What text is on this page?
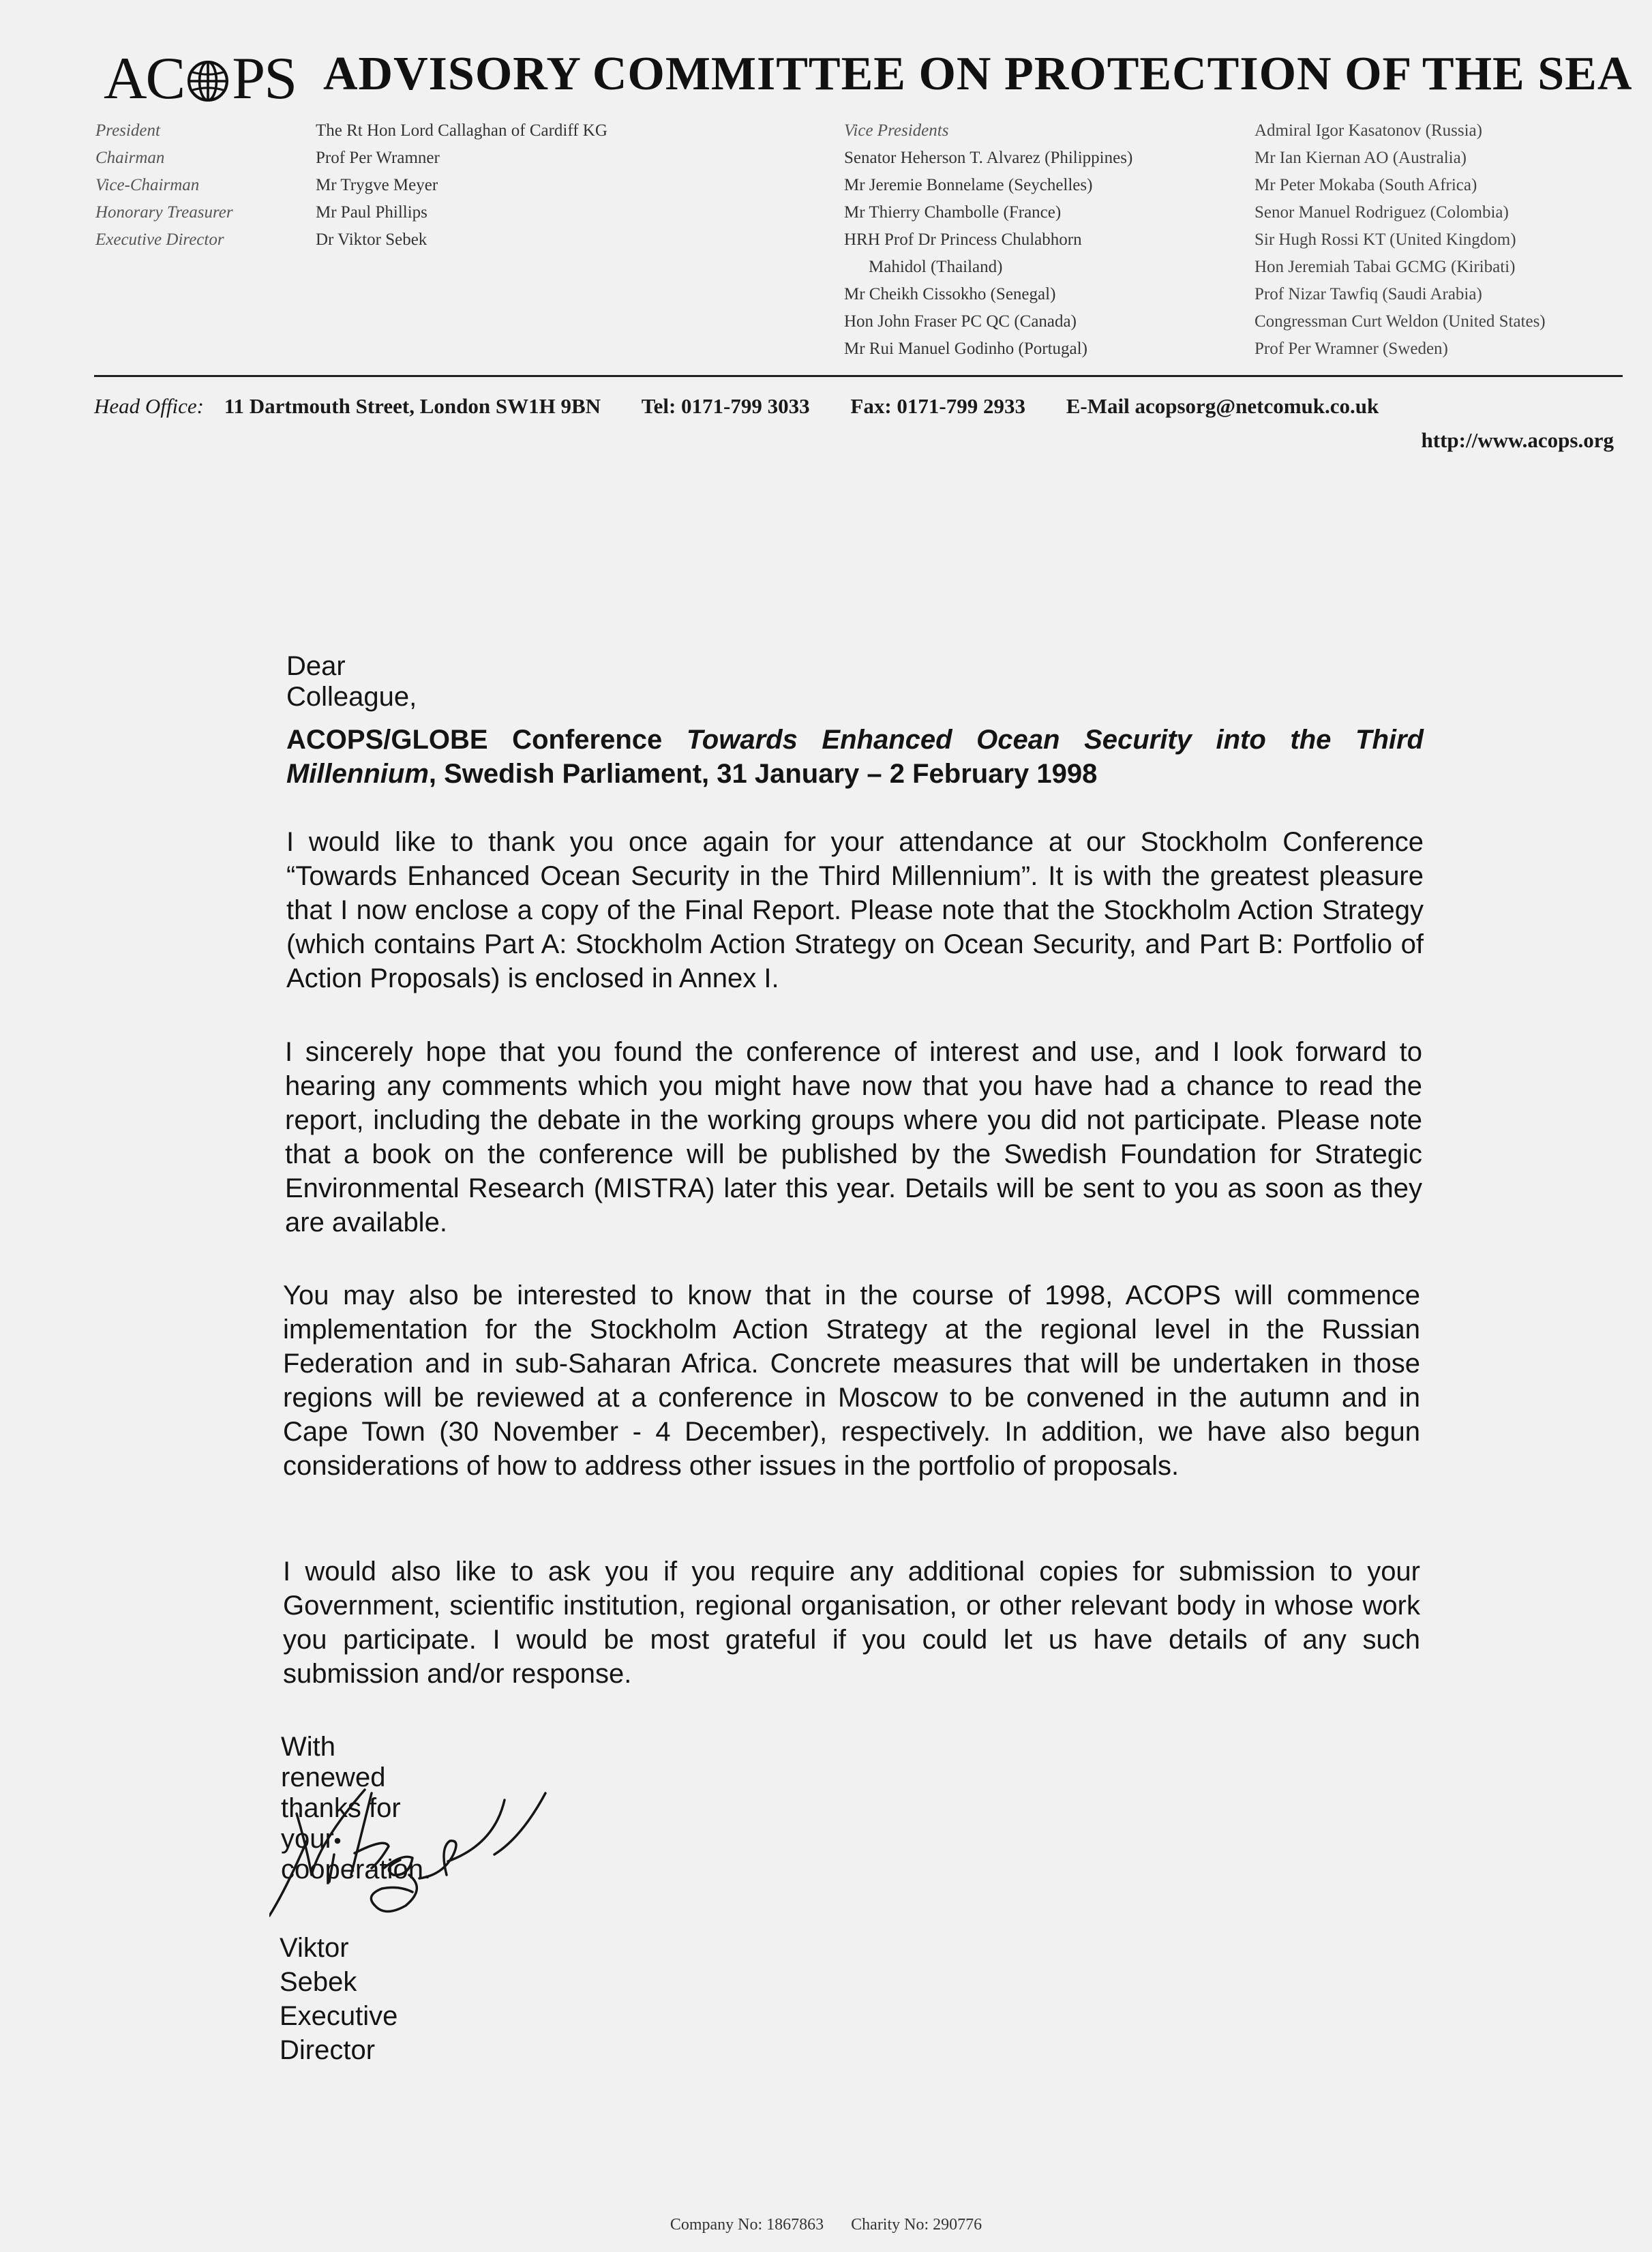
AC PS ADVISORY COMMITTEE ON PROTECTION OF THE SEA
President
Chairman
Vice-Chairman
Honorary Treasurer
Executive Director
The Rt Hon Lord Callaghan of Cardiff KG
Prof Per Wramner
Mr Trygve Meyer
Mr Paul Phillips
Dr Viktor Sebek
Vice Presidents
Senator Heherson T. Alvarez (Philippines)
Mr Jeremie Bonnelame (Seychelles)
Mr Thierry Chambolle (France)
HRH Prof Dr Princess Chulabhorn
Mahidol (Thailand)
Mr Cheikh Cissokho (Senegal)
Hon John Fraser PC QC (Canada)
Mr Rui Manuel Godinho (Portugal)
Admiral Igor Kasatonov (Russia)
Mr Ian Kiernan AO (Australia)
Mr Peter Mokaba (South Africa)
Senor Manuel Rodriguez (Colombia)
Sir Hugh Rossi KT (United Kingdom)
Hon Jeremiah Tabai GCMG (Kiribati)
Prof Nizar Tawfiq (Saudi Arabia)
Congressman Curt Weldon (United States)
Prof Per Wramner (Sweden)
Head Office: 11 Dartmouth Street, London SW1H 9BN Tel: 0171-799 3033 Fax: 0171-799 2933 E-Mail acopsorg@netcomuk.co.uk
http://www.acops.org
Dear Colleague,
ACOPS/GLOBE Conference Towards Enhanced Ocean Security into the Third Millennium, Swedish Parliament, 31 January – 2 February 1998

I would like to thank you once again for your attendance at our Stockholm Conference “Towards Enhanced Ocean Security in the Third Millennium”. It is with the greatest pleasure that I now enclose a copy of the Final Report. Please note that the Stockholm Action Strategy (which contains Part A: Stockholm Action Strategy on Ocean Security, and Part B: Portfolio of Action Proposals) is enclosed in Annex I.

I sincerely hope that you found the conference of interest and use, and I look forward to hearing any comments which you might have now that you have had a chance to read the report, including the debate in the working groups where you did not participate. Please note that a book on the conference will be published by the Swedish Foundation for Strategic Environmental Research (MISTRA) later this year. Details will be sent to you as soon as they are available.

You may also be interested to know that in the course of 1998, ACOPS will commence implementation for the Stockholm Action Strategy at the regional level in the Russian Federation and in sub-Saharan Africa. Concrete measures that will be undertaken in those regions will be reviewed at a conference in Moscow to be convened in the autumn and in Cape Town (30 November - 4 December), respectively. In addition, we have also begun considerations of how to address other issues in the portfolio of proposals.

I would also like to ask you if you require any additional copies for submission to your Government, scientific institution, regional organisation, or other relevant body in whose work you participate. I would be most grateful if you could let us have details of any such submission and/or response.

With renewed thanks for your cooperation.
Viktor Sebek
Executive Director
Company No: 1867863 Charity No: 290776
